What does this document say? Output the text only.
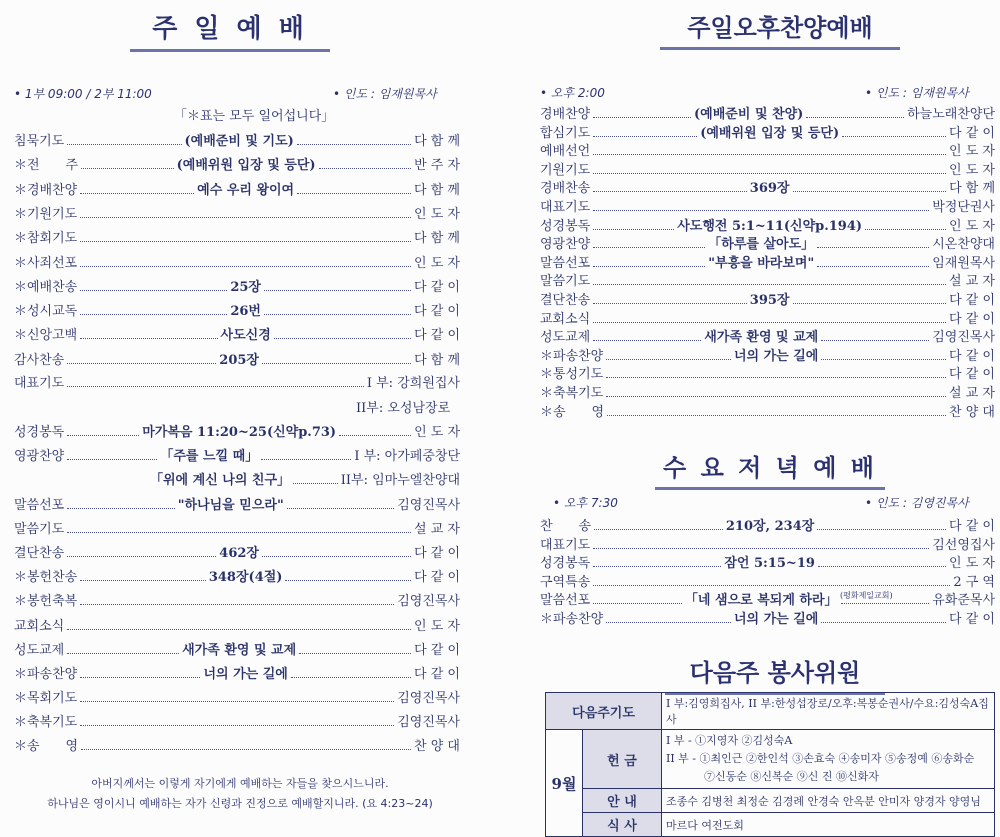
주 일 예 배
• 1부 09:00 / 2부 11:00	• 인도 : 임재원목사
「＊표는 모두 일어섭니다」
침묵기도	(예배준비 및 기도)	다 함 께
＊전　　주	(예배위원 입장 및 등단)	반 주 자
＊경배찬양	예수 우리 왕이여	다 함 께
＊기원기도	인 도 자
＊참회기도	다 함 께
＊사죄선포	인 도 자
＊예배찬송	25장	다 같 이
＊성시교독	26번	다 같 이
＊신앙고백	사도신경	다 같 이
감사찬송	205장	다 함 께
대표기도	I 부: 강희원집사
II부: 오성남장로
성경봉독	마가복음 11:20~25(신약p.73)	인 도 자
영광찬양	「주를 느낄 때」	I 부: 아가페중창단
「위에 계신 나의 친구」	II부: 임마누엘찬양대
말씀선포	"하나님을 믿으라"	김영진목사
말씀기도	설 교 자
결단찬송	462장	다 같 이
＊봉헌찬송	348장(4절)	다 같 이
＊봉헌축복	김영진목사
교회소식	인 도 자
성도교제	새가족 환영 및 교제	다 같 이
＊파송찬양	너의 가는 길에	다 같 이
＊목회기도	김영진목사
＊축복기도	김영진목사
＊송　　영	찬 양 대
아버지께서는 이렇게 자기에게 예배하는 자들을 찾으시느니라.
하나님은 영이시니 예배하는 자가 신령과 진정으로 예배할지니라. (요 4:23~24)
주일오후찬양예배
• 오후 2:00	• 인도 : 임재원목사
경배찬양	(예배준비 및 찬양)	하늘노래찬양단
합심기도	(예배위원 입장 및 등단)	다 같 이
예배선언	인 도 자
기원기도	인 도 자
경배찬송	369장	다 함 께
대표기도	박정단권사
성경봉독	사도행전 5:1~11(신약p.194)	인 도 자
영광찬양	「하루를 살아도」	시온찬양대
말씀선포	"부흥을 바라보며"	임재원목사
말씀기도	설 교 자
결단찬송	395장	다 같 이
교회소식	다 같 이
성도교제	새가족 환영 및 교제	김영진목사
＊파송찬양	너의 가는 길에	다 같 이
＊통성기도	다 같 이
＊축복기도	설 교 자
＊송　　영	찬 양 대
수 요 저 녁 예 배
• 오후 7:30	• 인도 : 김영진목사
찬　　송	210장, 234장	다 같 이
대표기도	김선영집사
성경봉독	잠언 5:15~19	인 도 자
구역특송	2 구 역
말씀선포	「네 샘으로 복되게 하라」	유화준목사
＊파송찬양	너의 가는 길에	다 같 이
(평화제일교회)
다음주 봉사위원
다음주기도		I 부:김영희집사, II 부:한성섭장로/오후:복봉순권사/수요:김성숙A집사
9월	헌 금	I 부 - ①지영자 ②김성숙A
II 부 - ①최인근 ②한인석 ③손효숙 ④송미자 ⑤송정예 ⑥송화순
⑦신동순 ⑧신복순 ⑨신 진 ⑩신화자

	안 내	조종수 김병천 최정순 김경례 안경숙 안옥분 안미자 양경자 양영님
	식 사	마르다 여전도회
